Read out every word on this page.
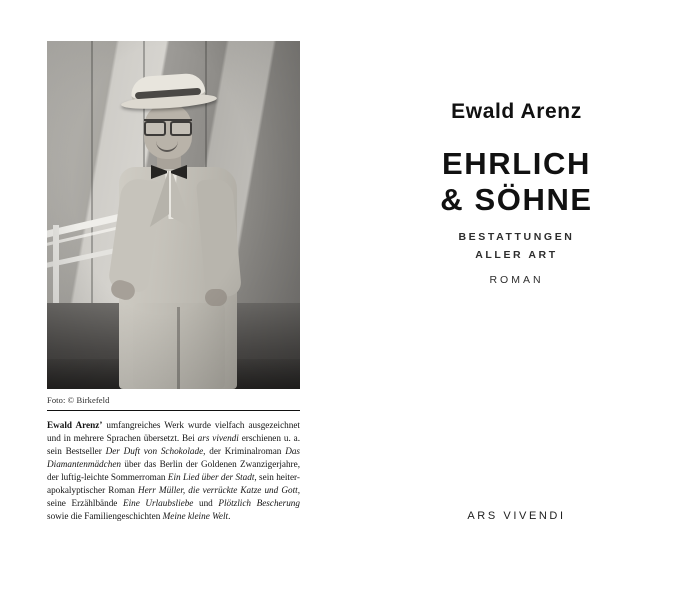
Foto: © Birkefeld
Ewald Arenz’ umfangreiches Werk wurde vielfach ausgezeichnet und in mehrere Sprachen übersetzt. Bei ars vivendi erschienen u. a. sein Bestseller Der Duft von Schokolade, der Kriminalroman Das Diamantenmädchen über das Berlin der Goldenen Zwanzigerjahre, der luftig-leichte Sommerroman Ein Lied über der Stadt, sein heiter-apokalyptischer Roman Herr Müller, die verrückte Katze und Gott, seine Erzählbände Eine Urlaubsliebe und Plötzlich Bescherung sowie die Familiengeschichten Meine kleine Welt.
Ewald Arenz
EHRLICH
& SÖHNE
BESTATTUNGEN
ALLER ART
ROMAN
ARS VIVENDI
